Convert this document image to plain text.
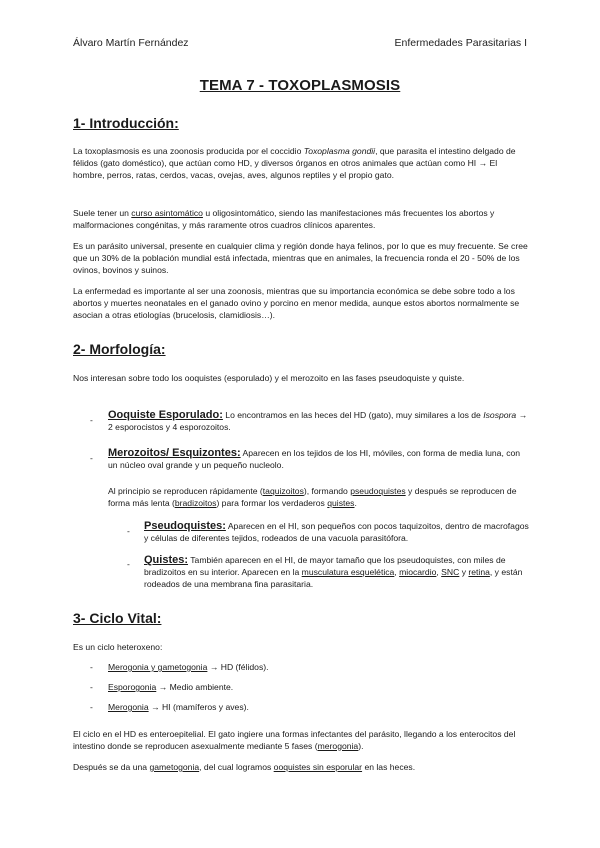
Álvaro Martín Fernández	Enfermedades Parasitarias I
TEMA 7 - TOXOPLASMOSIS
1- Introducción:
La toxoplasmosis es una zoonosis producida por el coccidio Toxoplasma gondii, que parasita el intestino delgado de félidos (gato doméstico), que actúan como HD, y diversos órganos en otros animales que actúan como HI → El hombre, perros, ratas, cerdos, vacas, ovejas, aves, algunos reptiles y el propio gato.
Suele tener un curso asintomático u oligosintomático, siendo las manifestaciones más frecuentes los abortos y malformaciones congénitas, y más raramente otros cuadros clínicos aparentes.
Es un parásito universal, presente en cualquier clima y región donde haya felinos, por lo que es muy frecuente. Se cree que un 30% de la población mundial está infectada, mientras que en animales, la frecuencia ronda el 20 - 50% de los ovinos, bovinos y suinos.
La enfermedad es importante al ser una zoonosis, mientras que su importancia económica se debe sobre todo a los abortos y muertes neonatales en el ganado ovino y porcino en menor medida, aunque estos abortos normalmente se asocian a otras etiologías (brucelosis, clamidiosis…).
2- Morfología:
Nos interesan sobre todo los ooquistes (esporulado) y el merozoito en las fases pseudoquiste y quiste.
- Ooquiste Esporulado: Lo encontramos en las heces del HD (gato), muy similares a los de Isospora → 2 esporocistos y 4 esporozoitos.
- Merozoitos/ Esquizontes: Aparecen en los tejidos de los HI, móviles, con forma de media luna, con un núcleo oval grande y un pequeño nucleolo.
Al principio se reproducen rápidamente (taquizoitos), formando pseudoquistes y después se reproducen de forma más lenta (bradizoitos) para formar los verdaderos quistes.
- Pseudoquistes: Aparecen en el HI, son pequeños con pocos taquizoitos, dentro de macrofagos y células de diferentes tejidos, rodeados de una vacuola parasitófora.
- Quistes: También aparecen en el HI, de mayor tamaño que los pseudoquistes, con miles de bradizoitos en su interior. Aparecen en la musculatura esquelética, miocardio, SNC y retina, y están rodeados de una membrana fina parasitaria.
3- Ciclo Vital:
Es un ciclo heteroxeno:
- Merogonia y gametogonia → HD (félidos).
- Esporogonia → Medio ambiente.
- Merogonia → HI (mamíferos y aves).
El ciclo en el HD es enteroepitelial. El gato ingiere una formas infectantes del parásito, llegando a los enterocitos del intestino donde se reproducen asexualmente mediante 5 fases (merogonia).
Después se da una gametogonia, del cual logramos ooquistes sin esporular en las heces.
